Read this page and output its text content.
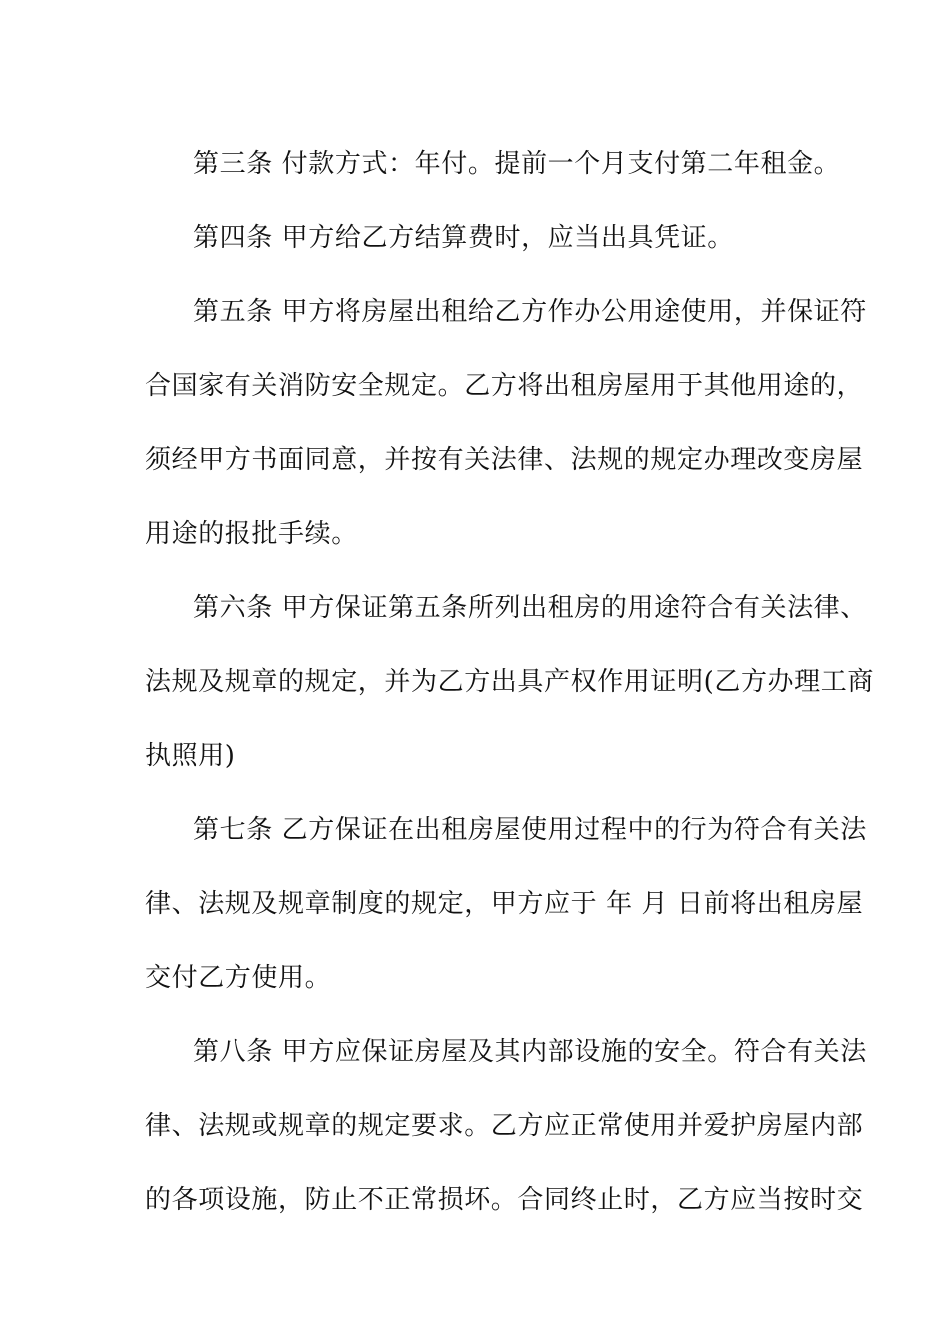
第三条 付款方式：年付。提前一个月支付第二年租金。
第四条 甲方给乙方结算费时，应当出具凭证。
第五条 甲方将房屋出租给乙方作办公用途使用，并保证符
合国家有关消防安全规定。乙方将出租房屋用于其他用途的，
须经甲方书面同意，并按有关法律、法规的规定办理改变房屋
用途的报批手续。
第六条 甲方保证第五条所列出租房的用途符合有关法律、
法规及规章的规定，并为乙方出具产权作用证明(乙方办理工商
执照用)
第七条 乙方保证在出租房屋使用过程中的行为符合有关法
律、法规及规章制度的规定，甲方应于 年 月 日前将出租房屋
交付乙方使用。
第八条 甲方应保证房屋及其内部设施的安全。符合有关法
律、法规或规章的规定要求。乙方应正常使用并爱护房屋内部
的各项设施，防止不正常损坏。合同终止时，乙方应当按时交
